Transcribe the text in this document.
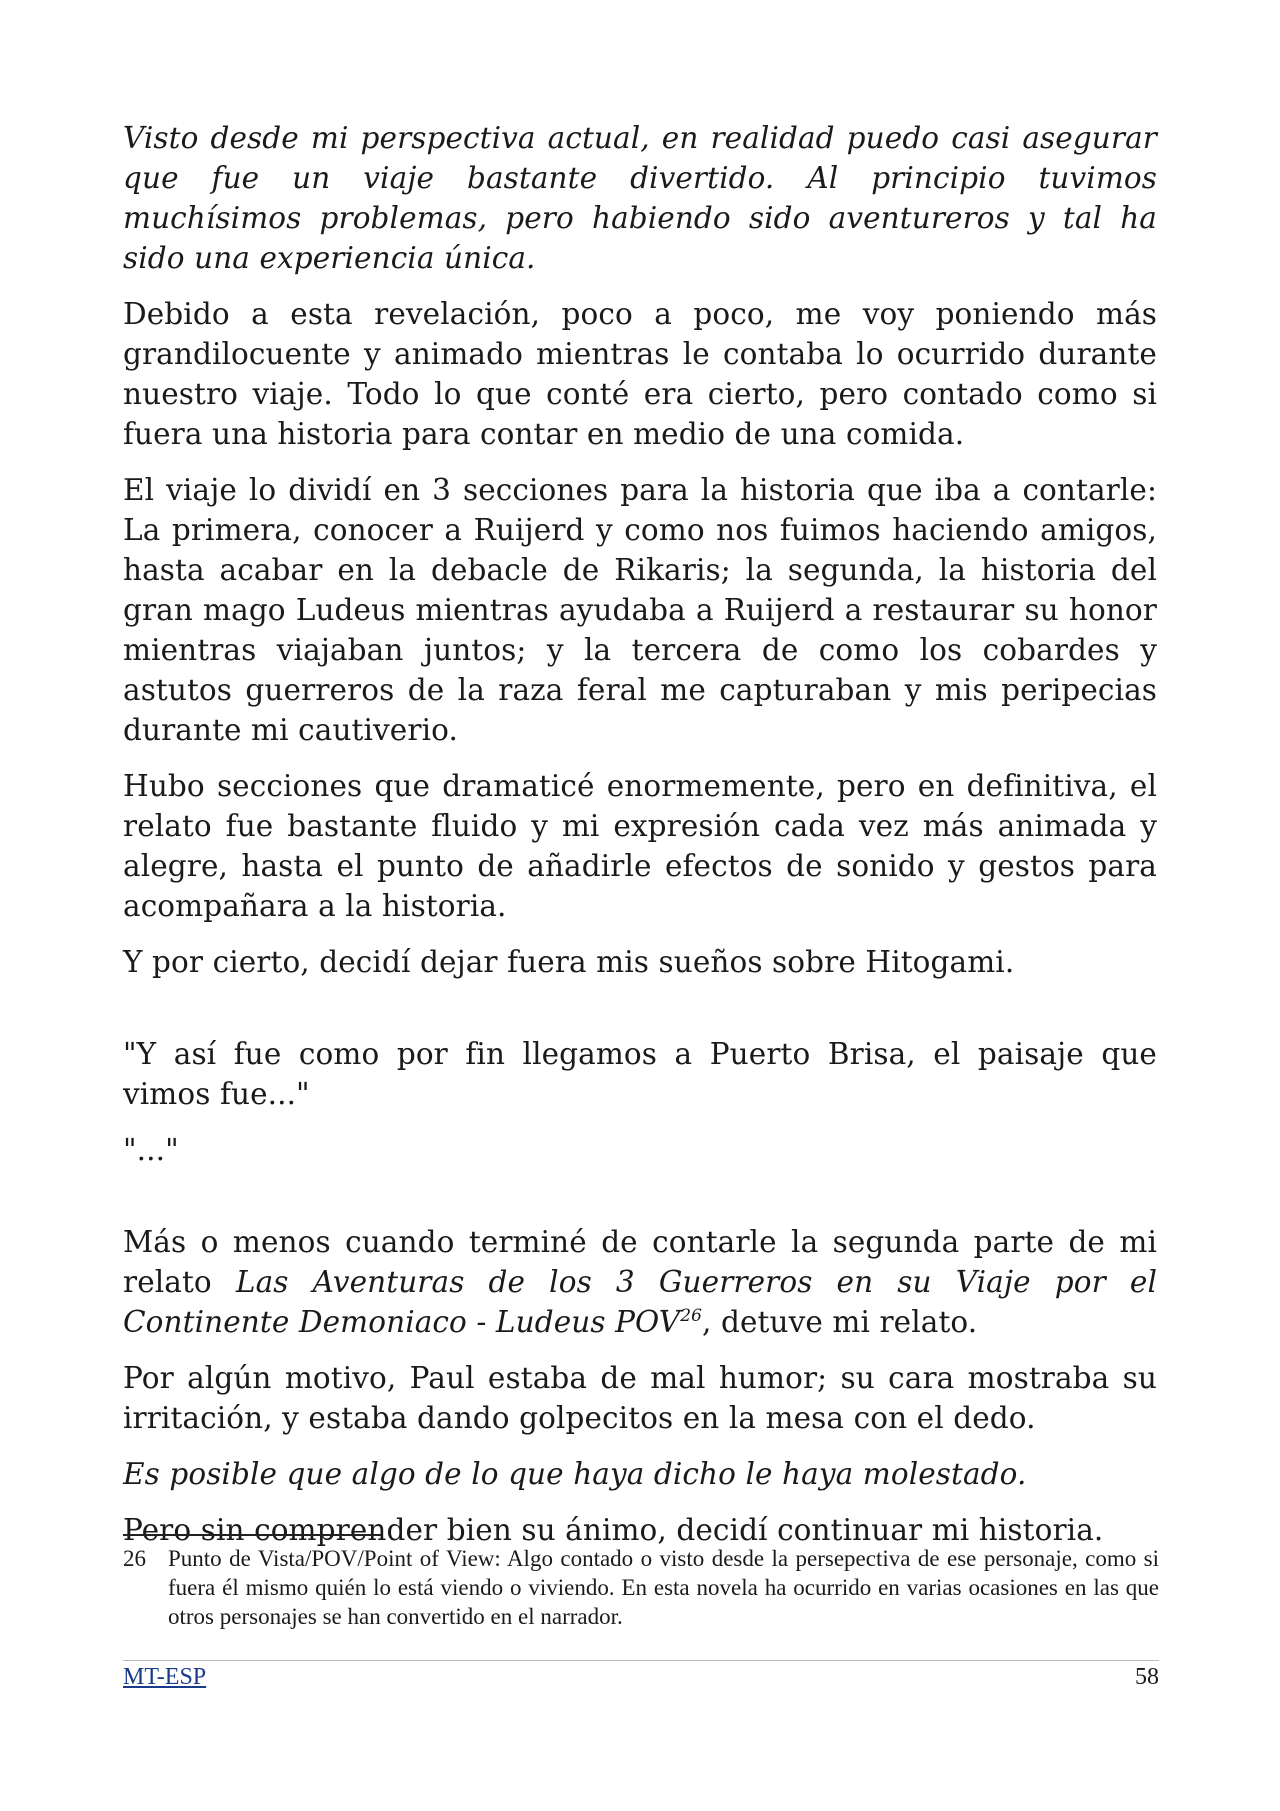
Visto desde mi perspectiva actual, en realidad puedo casi asegurar que fue un viaje bastante divertido. Al principio tuvimos muchísimos problemas, pero habiendo sido aventureros y tal ha sido una experiencia única.

Debido a esta revelación, poco a poco, me voy poniendo más grandilocuente y animado mientras le contaba lo ocurrido durante nuestro viaje. Todo lo que conté era cierto, pero contado como si fuera una historia para contar en medio de una comida.

El viaje lo dividí en 3 secciones para la historia que iba a contarle: La primera, conocer a Ruijerd y como nos fuimos haciendo amigos, hasta acabar en la debacle de Rikaris; la segunda, la historia del gran mago Ludeus mientras ayudaba a Ruijerd a restaurar su honor mientras viajaban juntos; y la tercera de como los cobardes y astutos guerreros de la raza feral me capturaban y mis peripecias durante mi cautiverio.

Hubo secciones que dramaticé enormemente, pero en definitiva, el relato fue bastante fluido y mi expresión cada vez más animada y alegre, hasta el punto de añadirle efectos de sonido y gestos para acompañara a la historia.

Y por cierto, decidí dejar fuera mis sueños sobre Hitogami.

"Y así fue como por fin llegamos a Puerto Brisa, el paisaje que vimos fue..."

"..."

Más o menos cuando terminé de contarle la segunda parte de mi relato Las Aventuras de los 3 Guerreros en su Viaje por el Continente Demoniaco - Ludeus POV$^{26}$, detuve mi relato.

Por algún motivo, Paul estaba de mal humor; su cara mostraba su irritación, y estaba dando golpecitos en la mesa con el dedo.

Es posible que algo de lo que haya dicho le haya molestado.

Pero sin comprender bien su ánimo, decidí continuar mi historia.

26 Punto de Vista/POV/Point of View: Algo contado o visto desde la persepectiva de ese personaje, como si fuera él mismo quién lo está viendo o viviendo. En esta novela ha ocurrido en varias ocasiones en las que otros personajes se han convertido en el narrador.
MT-ESP	58
